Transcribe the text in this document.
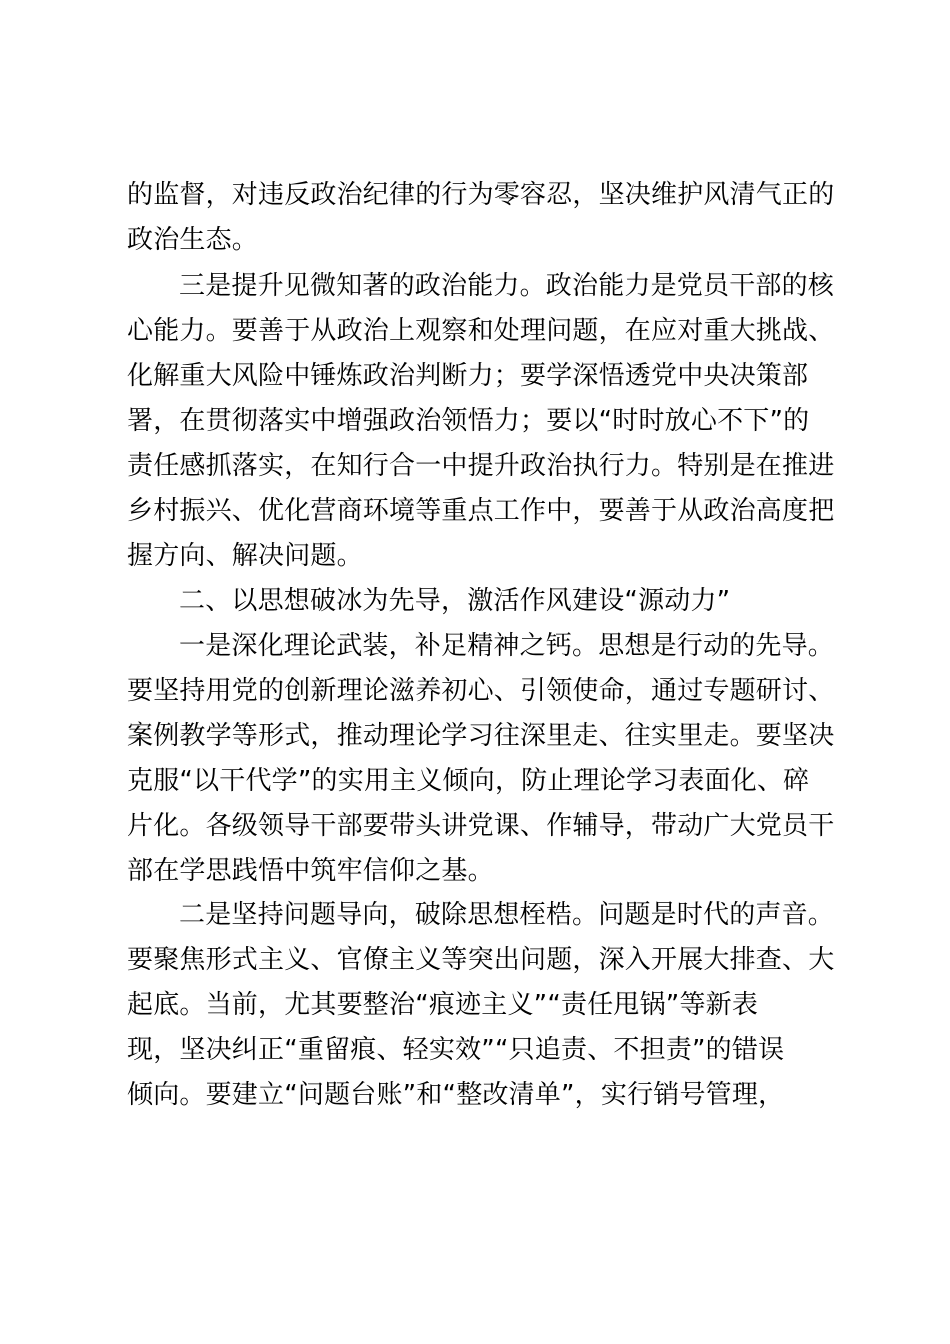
的监督，对违反政治纪律的行为零容忍，坚决维护风清气正的
政治生态。
三是提升见微知著的政治能力。政治能力是党员干部的核
心能力。要善于从政治上观察和处理问题，在应对重大挑战、
化解重大风险中锤炼政治判断力；要学深悟透党中央决策部
署，在贯彻落实中增强政治领悟力；要以“时时放心不下”的
责任感抓落实，在知行合一中提升政治执行力。特别是在推进
乡村振兴、优化营商环境等重点工作中，要善于从政治高度把
握方向、解决问题。
二、以思想破冰为先导，激活作风建设“源动力”
一是深化理论武装，补足精神之钙。思想是行动的先导。
要坚持用党的创新理论滋养初心、引领使命，通过专题研讨、
案例教学等形式，推动理论学习往深里走、往实里走。要坚决
克服“以干代学”的实用主义倾向，防止理论学习表面化、碎
片化。各级领导干部要带头讲党课、作辅导，带动广大党员干
部在学思践悟中筑牢信仰之基。
二是坚持问题导向，破除思想桎梏。问题是时代的声音。
要聚焦形式主义、官僚主义等突出问题，深入开展大排查、大
起底。当前，尤其要整治“痕迹主义”“责任甩锅”等新表
现，坚决纠正“重留痕、轻实效”“只追责、不担责”的错误
倾向。要建立“问题台账”和“整改清单”，实行销号管理，
